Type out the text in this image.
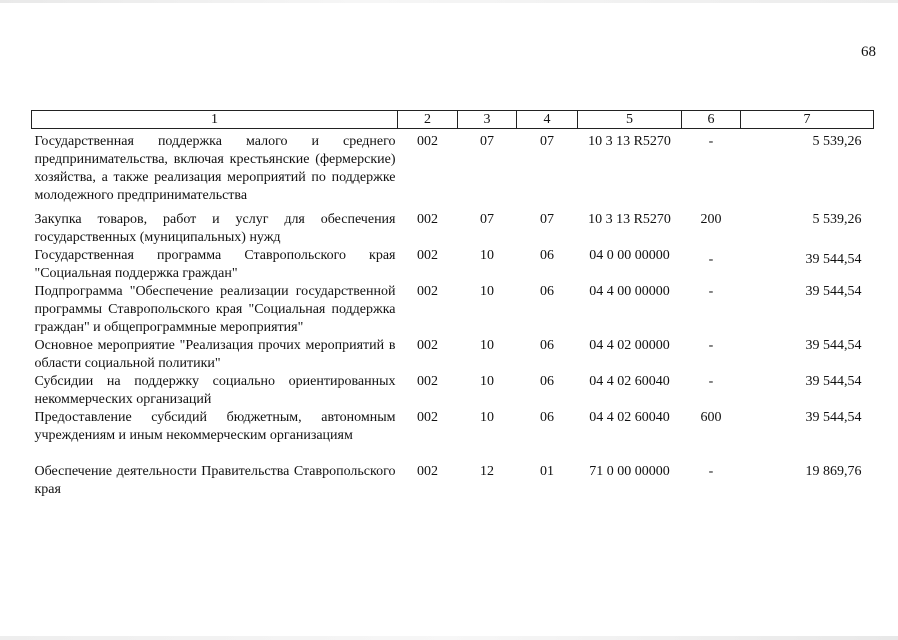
68
1	2	3	4	5	6	7

Государственная поддержка малого и среднего предпринимательства, включая крестьянские (фермерские) хозяйства, а также реализация мероприятий по поддержке молодежного предпринимательства	002	07	07	10 3 13 R5270	-	5 539,26
Закупка товаров, работ и услуг для обеспечения государственных (муниципальных) нужд	002	07	07	10 3 13 R5270	200	5 539,26
Государственная программа Ставропольского края "Социальная поддержка граждан"	002	10	06	04 0 00 00000	-	39 544,54
Подпрограмма "Обеспечение реализации государственной программы Ставропольского края "Социальная поддержка граждан" и общепрограммные мероприятия"	002	10	06	04 4 00 00000	-	39 544,54
Основное мероприятие "Реализация прочих мероприятий в области социальной политики"	002	10	06	04 4 02 00000	-	39 544,54
Субсидии на поддержку социально ориентированных некоммерческих организаций	002	10	06	04 4 02 60040	-	39 544,54
Предоставление субсидий бюджетным, автономным учреждениям и иным некоммерческим организациям	002	10	06	04 4 02 60040	600	39 544,54

Обеспечение деятельности Правительства Ставропольского края	002	12	01	71 0 00 00000	-	19 869,76
